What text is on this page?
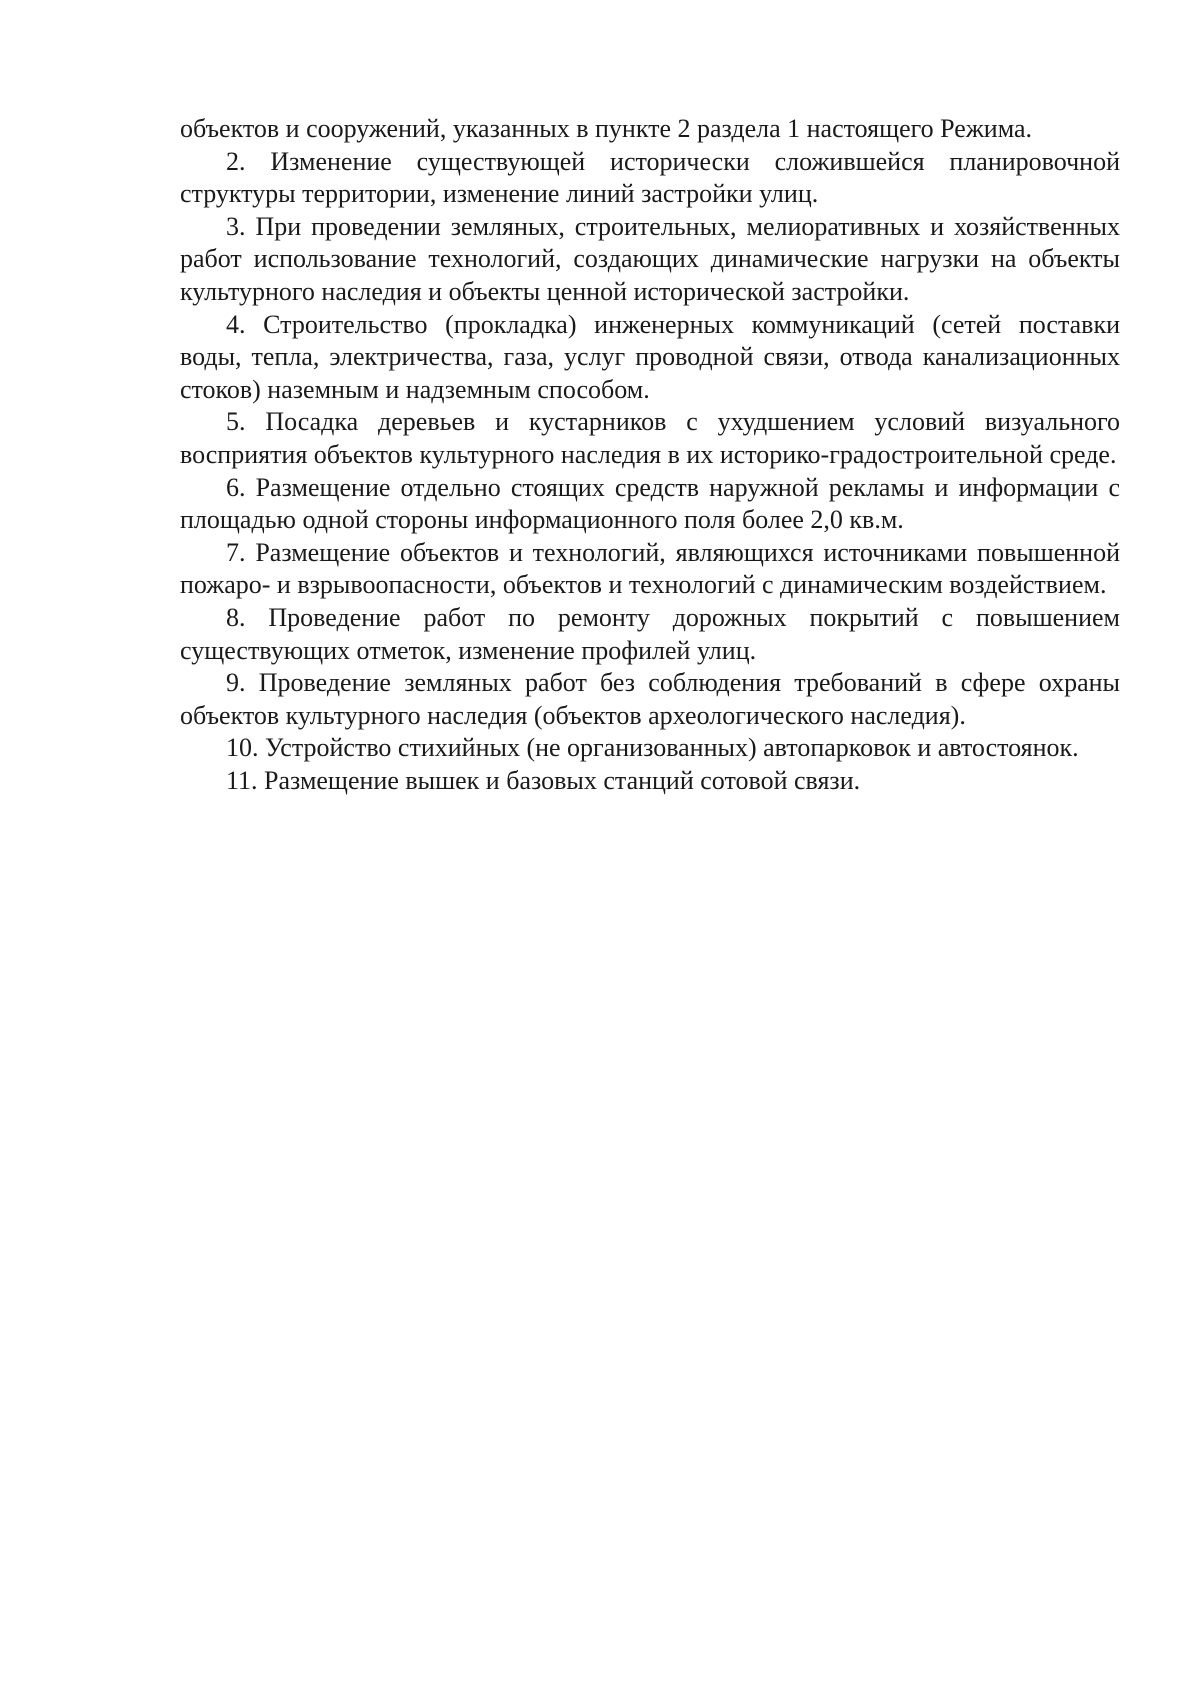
объектов и сооружений, указанных в пункте 2 раздела 1 настоящего Режима.

2. Изменение существующей исторически сложившейся планировочной структуры территории, изменение линий застройки улиц.

3. При проведении земляных, строительных, мелиоративных и хозяйственных работ использование технологий, создающих динамические нагрузки на объекты культурного наследия и объекты ценной исторической застройки.

4. Строительство (прокладка) инженерных коммуникаций (сетей поставки воды, тепла, электричества, газа, услуг проводной связи, отвода канализационных стоков) наземным и надземным способом.

5. Посадка деревьев и кустарников с ухудшением условий визуального восприятия объектов культурного наследия в их историко-градостроительной среде.

6. Размещение отдельно стоящих средств наружной рекламы и информации с площадью одной стороны информационного поля более 2,0 кв.м.

7. Размещение объектов и технологий, являющихся источниками повышенной пожаро- и взрывоопасности, объектов и технологий с динамическим воздействием.

8. Проведение работ по ремонту дорожных покрытий с повышением существующих отметок, изменение профилей улиц.

9. Проведение земляных работ без соблюдения требований в сфере охраны объектов культурного наследия (объектов археологического наследия).

10. Устройство стихийных (не организованных) автопарковок и автостоянок.

11. Размещение вышек и базовых станций сотовой связи.
